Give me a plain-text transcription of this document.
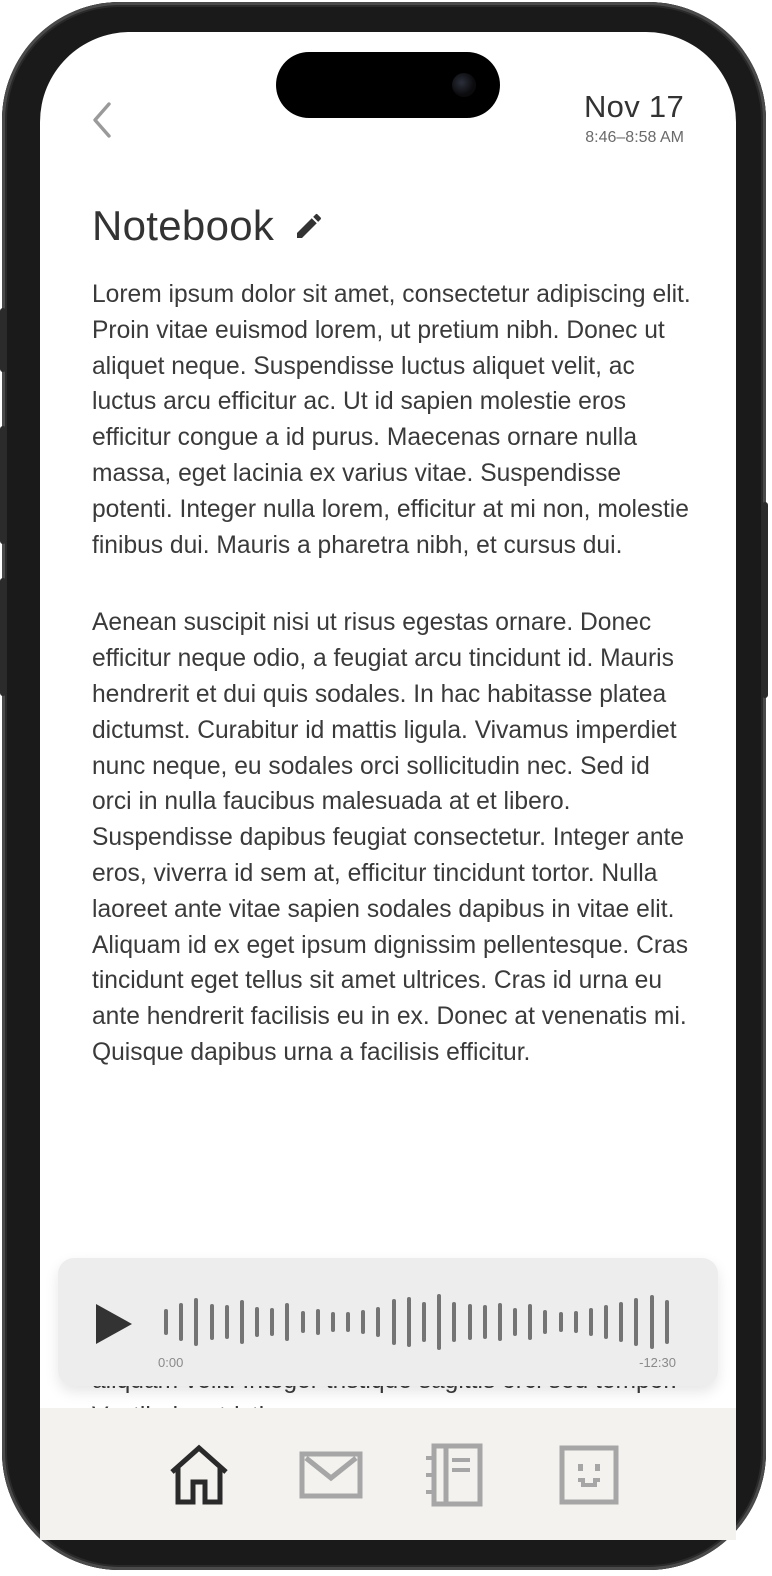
Nov 17
8:46–8:58 AM
Notebook

Lorem ipsum dolor sit amet, consectetur adipiscing elit. Proin vitae euismod lorem, ut pretium nibh. Donec ut aliquet neque. Suspendisse luctus aliquet velit, ac luctus arcu efficitur ac. Ut id sapien molestie eros efficitur congue a id purus. Maecenas ornare nulla massa, eget lacinia ex varius vitae. Suspendisse potenti. Integer nulla lorem, efficitur at mi non, molestie finibus dui. Mauris a pharetra nibh, et cursus dui.

Aenean suscipit nisi ut risus egestas ornare. Donec efficitur neque odio, a feugiat arcu tincidunt id. Mauris hendrerit et dui quis sodales. In hac habitasse platea dictumst. Curabitur id mattis ligula. Vivamus imperdiet nunc neque, eu sodales orci sollicitudin nec. Sed id orci in nulla faucibus malesuada at et libero. Suspendisse dapibus feugiat consectetur. Integer ante eros, viverra id sem at, efficitur tincidunt tortor. Nulla laoreet ante vitae sapien sodales dapibus in vitae elit. Aliquam id ex eget ipsum dignissim pellentesque. Cras tincidunt eget tellus sit amet ultrices. Cras id urna eu ante hendrerit facilisis eu in ex. Donec at venenatis mi. Quisque dapibus urna a facilisis efficitur.

0:00	-12:30
